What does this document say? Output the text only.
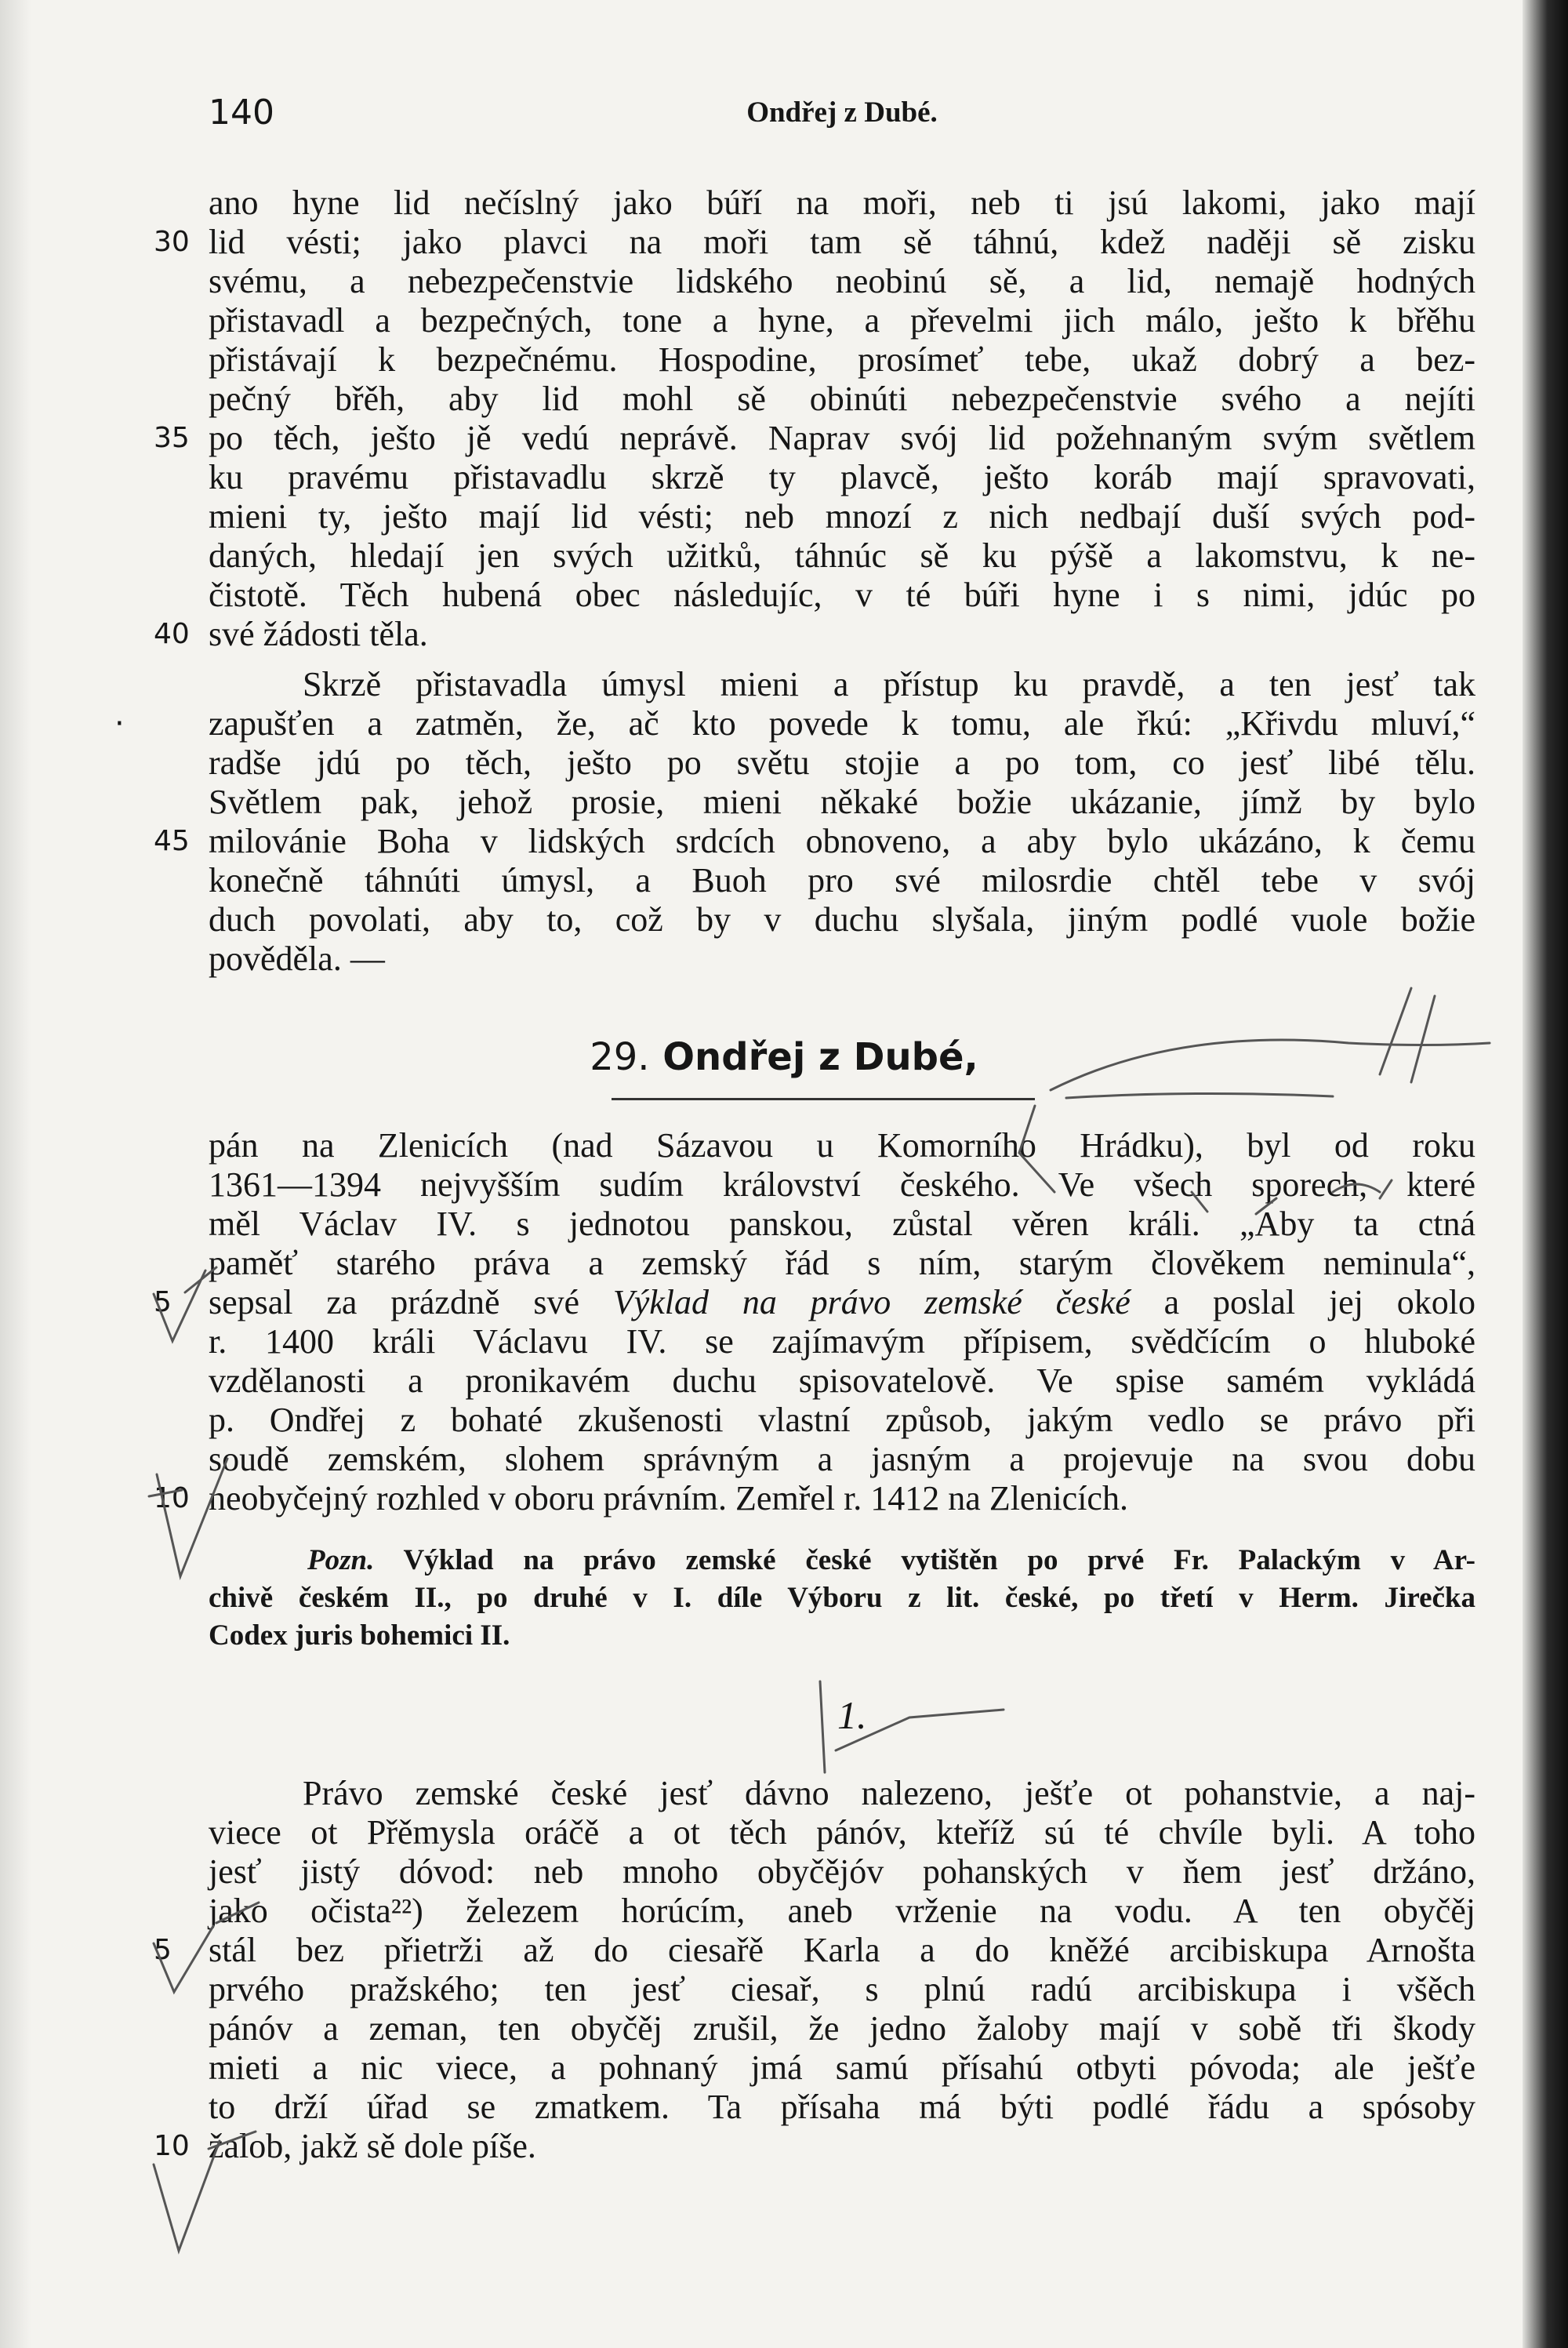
140	Ondřej z Dubé.
ano hyne lid nečíslný jako búří na moři, neb ti jsú lakomi, jako mají
30 lid vésti; jako plavci na moři tam sě táhnú, kdež naději sě zisku
svému, a nebezpečenstvie lidského neobinú sě, a lid, nemajě hodných
přistavadl a bezpečných, tone a hyne, a převelmi jich málo, ješto k břěhu
přistávají k bezpečnému. Hospodine, prosímeť tebe, ukaž dobrý a bez-
pečný břěh, aby lid mohl sě obinúti nebezpečenstvie svého a nejíti
35 po těch, ješto jě vedú neprávě. Naprav svój lid požehnaným svým světlem
ku pravému přistavadlu skrzě ty plavcě, ješto koráb mají spravovati,
mieni ty, ješto mají lid vésti; neb mnozí z nich nedbají duší svých pod-
daných, hledají jen svých užitků, táhnúc sě ku pýšě a lakomstvu, k ne-
čistotě. Těch hubená obec následujíc, v té búři hyne i s nimi, jdúc po
40 své žádosti těla.
Skrzě přistavadla úmysl mieni a přístup ku pravdě, a ten jesť tak
zapušťen a zatměn, že, ač kto povede k tomu, ale řkú: „Křivdu mluví,“
radše jdú po těch, ješto po světu stojie a po tom, co jesť libé tělu.
Světlem pak, jehož prosie, mieni někaké božie ukázanie, jímž by bylo
45 milovánie Boha v lidských srdcích obnoveno, a aby bylo ukázáno, k čemu
konečně táhnúti úmysl, a Buoh pro své milosrdie chtěl tebe v svój
duch povolati, aby to, což by v duchu slyšala, jiným podlé vuole božie
pověděla. —
29. Ondřej z Dubé,
pán na Zlenicích (nad Sázavou u Komorního Hrádku), byl od roku
1361—1394 nejvyšším sudím království českého. Ve všech sporech, které
měl Václav IV. s jednotou panskou, zůstal věren králi. „Aby ta ctná
paměť starého práva a zemský řád s ním, starým člověkem neminula“,
5	sepsal za prázdně své Výklad na právo zemské české a poslal jej okolo
r. 1400 králi Václavu IV. se zajímavým přípisem, svědčícím o hluboké
vzdělanosti a pronikavém duchu spisovatelově. Ve spise samém vykládá
p. Ondřej z bohaté zkušenosti vlastní způsob, jakým vedlo se právo při
soudě zemském, slohem správným a jasným a projevuje na svou dobu
10 neobyčejný rozhled v oboru právním. Zemřel r. 1412 na Zlenicích.
Pozn. Výklad na právo zemské české vytištěn po prvé Fr. Palackým v Ar-
chivě českém II., po druhé v I. díle Výboru z lit. české, po třetí v Herm. Jirečka
Codex juris bohemici II.
1.
Právo zemské české jesť dávno nalezeno, ješťe ot pohanstvie, a naj-
viece ot Přěmysla oráčě a ot těch pánóv, kteříž sú té chvíle byli. A toho
jesť jistý dóvod: neb mnoho obyčějóv pohanských v ňem jesť držáno,
jako očista²²) železem horúcím, aneb vrženie na vodu. A ten obyčěj
5	stál bez přietrži až do ciesařě Karla a do kněžé arcibiskupa Arnošta
prvého pražského; ten jesť ciesař, s plnú radú arcibiskupa i všěch
pánóv a zeman, ten obyčěj zrušil, že jedno žaloby mají v sobě tři škody
mieti a nic viece, a pohnaný jmá samú přísahú otbyti póvoda; ale ješťe
to drží úřad se zmatkem. Ta přísaha má býti podlé řádu a spósoby
10 žalob, jakž sě dole píše.
·
